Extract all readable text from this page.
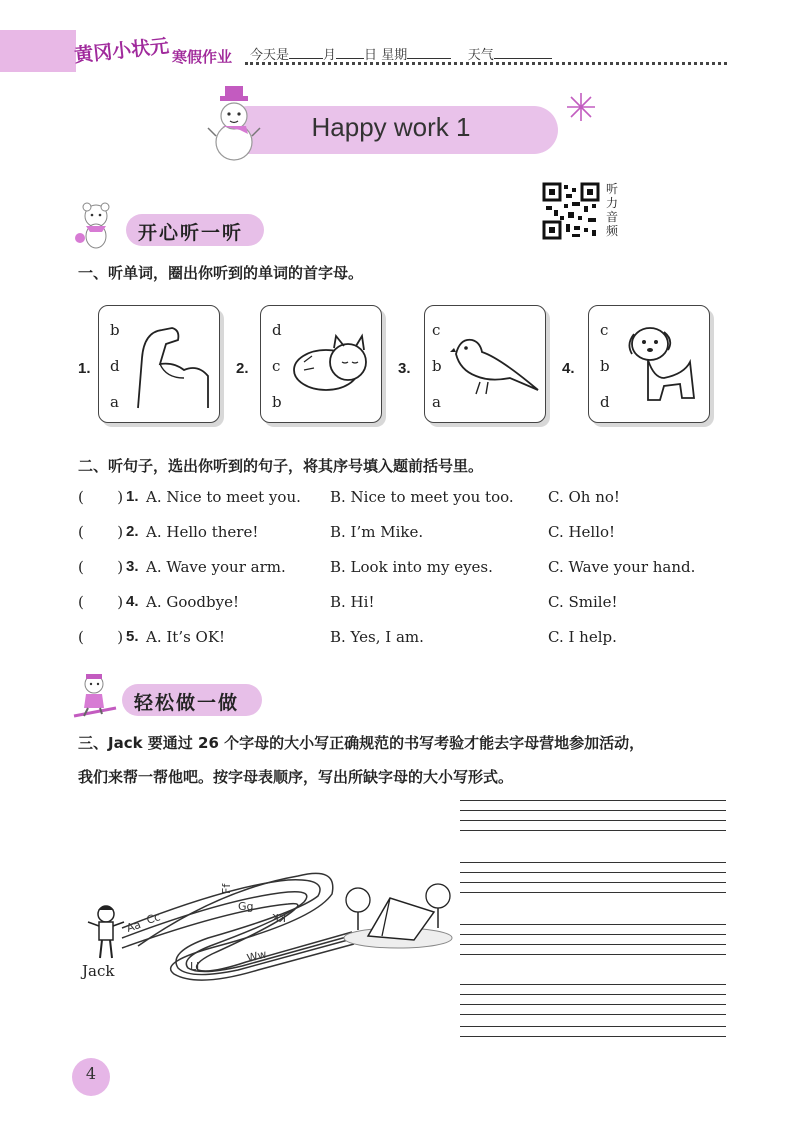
黄冈小状元 寒假作业 今天是	月 日 星期	天气
Happy work 1
听力音频
开心听一听
一、听单词，圈出你听到的单词的首字母。
1.
b
d
a
2.
d
c
b
3.
c
b
a
4.
c
b
d
二、听句子，选出你听到的句子，将其序号填入题前括号里。
(       ) 1. A. Nice to meet you. B. Nice to meet you too. C. Oh no!
(       ) 2. A. Hello there!	B. I’m Mike.	C. Hello!
(       ) 3. A. Wave your arm.	B. Look into my eyes.	C. Wave your hand.
(       ) 4. A. Goodbye!	B. Hi!	C. Smile!
(       ) 5. A. It’s OK!	B. Yes, I am.	C. I help.
轻松做一做
三、Jack 要通过 26 个字母的大小写正确规范的书写考验才能去字母营地参加活动，
我们来帮一帮他吧。按字母表顺序，写出所缺字母的大小写形式。
Jack
Aa Cc
Ff
Gg
Kk
Ll
Ww
4
